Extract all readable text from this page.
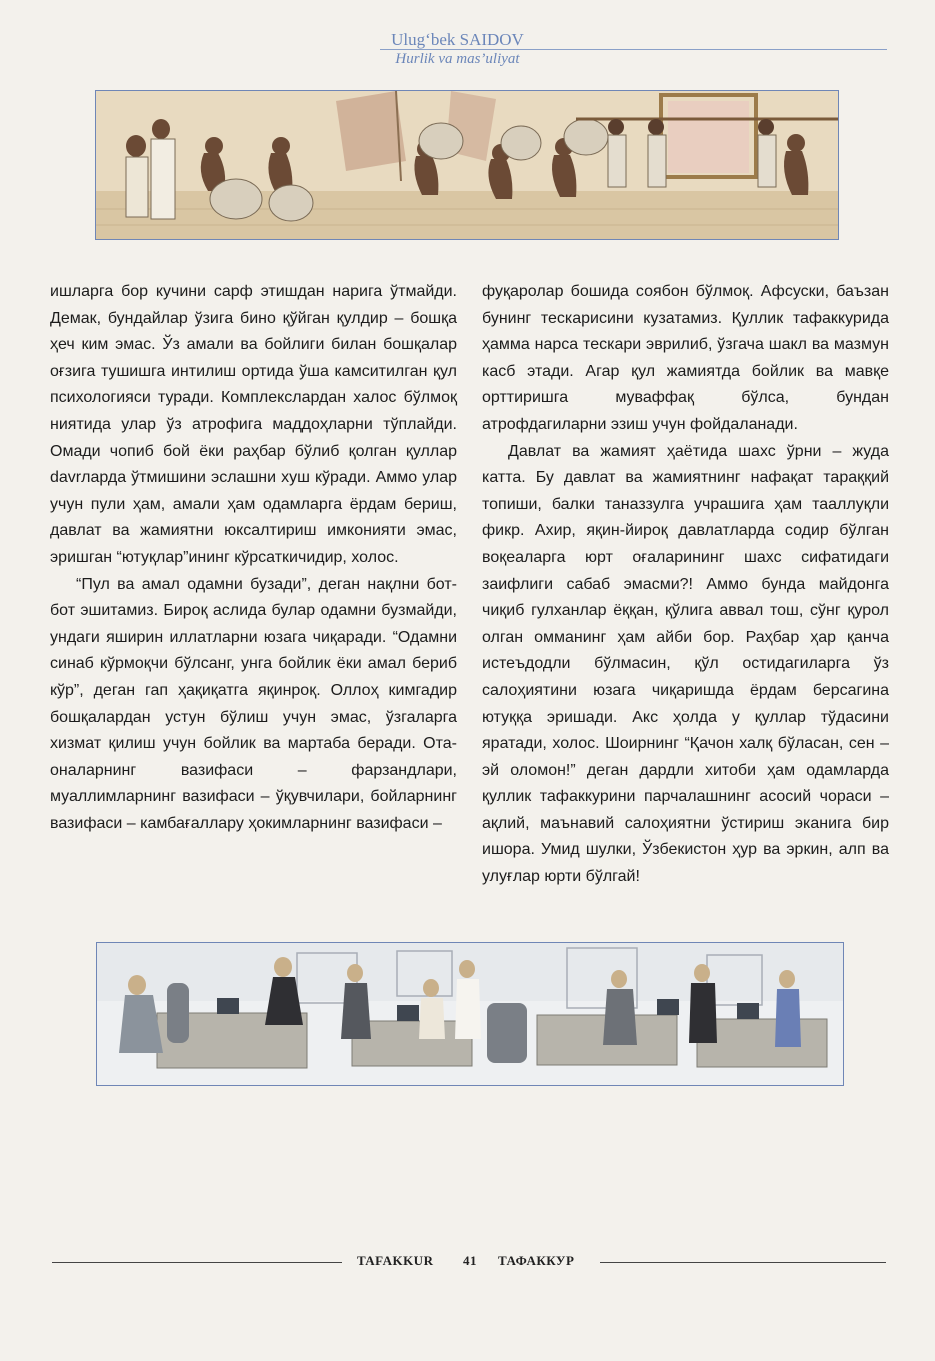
Ulug‘bek SAIDOV
Hurlik va mas’uliyat

ишларга бор кучини сарф этишдан нарига ўтмайди. Демак, бундайлар ўзига бино қўйган қулдир – бошқа ҳеч ким эмас. Ўз амали ва бойлиги билан бошқалар оғзига тушишга интилиш ортида ўша камситилган қул психологияси туради. Комплекслардан халос бўлмоқ ниятида улар ўз атрофига маддоҳларни тўплайди. Омади чопиб бой ёки раҳбар бўлиб қолган қуллар davrларда ўтмишини эслашни хуш кўради. Аммо улар учун пули ҳам, амали ҳам одамларга ёрдам бериш, давлат ва жамиятни юксалтириш имконияти эмас, эришган “ютуқлар”ининг кўрсаткичидир, холос.

“Пул ва амал одамни бузади”, деган нақлни бот-бот эшитамиз. Бироқ аслида булар одамни бузмайди, ундаги яширин иллатларни юзага чиқаради. “Одамни синаб кўрмоқчи бўлсанг, унга бойлик ёки амал бериб кўр”, деган гап ҳақиқатга яқинроқ. Оллоҳ кимгадир бошқалардан устун бўлиш учун эмас, ўзгаларга хизмат қилиш учун бойлик ва мартаба беради. Ота-оналарнинг вазифаси – фарзандлари, муаллимларнинг вазифаси – ўқувчилари, бойларнинг вазифаси – камбағаллару ҳокимларнинг вазифаси –

фуқаролар бошида соябон бўлмоқ. Афсуски, баъзан бунинг тескарисини кузатамиз. Қуллик тафаккурида ҳамма нарса тескари эврилиб, ўзгача шакл ва мазмун касб этади. Агар қул жамиятда бойлик ва мавқе орттиришга муваффақ бўлса, бундан атрофдагиларни эзиш учун фойдаланади.

Давлат ва жамият ҳаётида шахс ўрни – жуда катта. Бу давлат ва жамиятнинг нафақат тараққий топиши, балки таназзулга учрашига ҳам тааллуқли фикр. Ахир, яқин-йироқ давлатларда содир бўлган воқеаларга юрт оғаларининг шахс сифатидаги заифлиги сабаб эмасми?! Аммо бунда майдонга чиқиб гулханлар ёққан, қўлига аввал тош, сўнг қурол олган омманинг ҳам айби бор. Раҳбар ҳар қанча истеъдодли бўлмасин, қўл остидагиларга ўз салоҳиятини юзага чиқаришда ёрдам берсагина ютуққа эришади. Акс ҳолда у қуллар тўдасини яратади, холос. Шоирнинг “Қачон халқ бўласан, сен – эй оломон!” деган дардли хитоби ҳам одамларда қуллик тафаккурини парчалашнинг асосий чораси – ақлий, маънавий салоҳиятни ўстириш эканига бир ишора. Умид шулки, Ўзбекистон ҳур ва эркин, алп ва улуғлар юрти бўлгай!

TAFAKKUR 41 ТАФАККУР
